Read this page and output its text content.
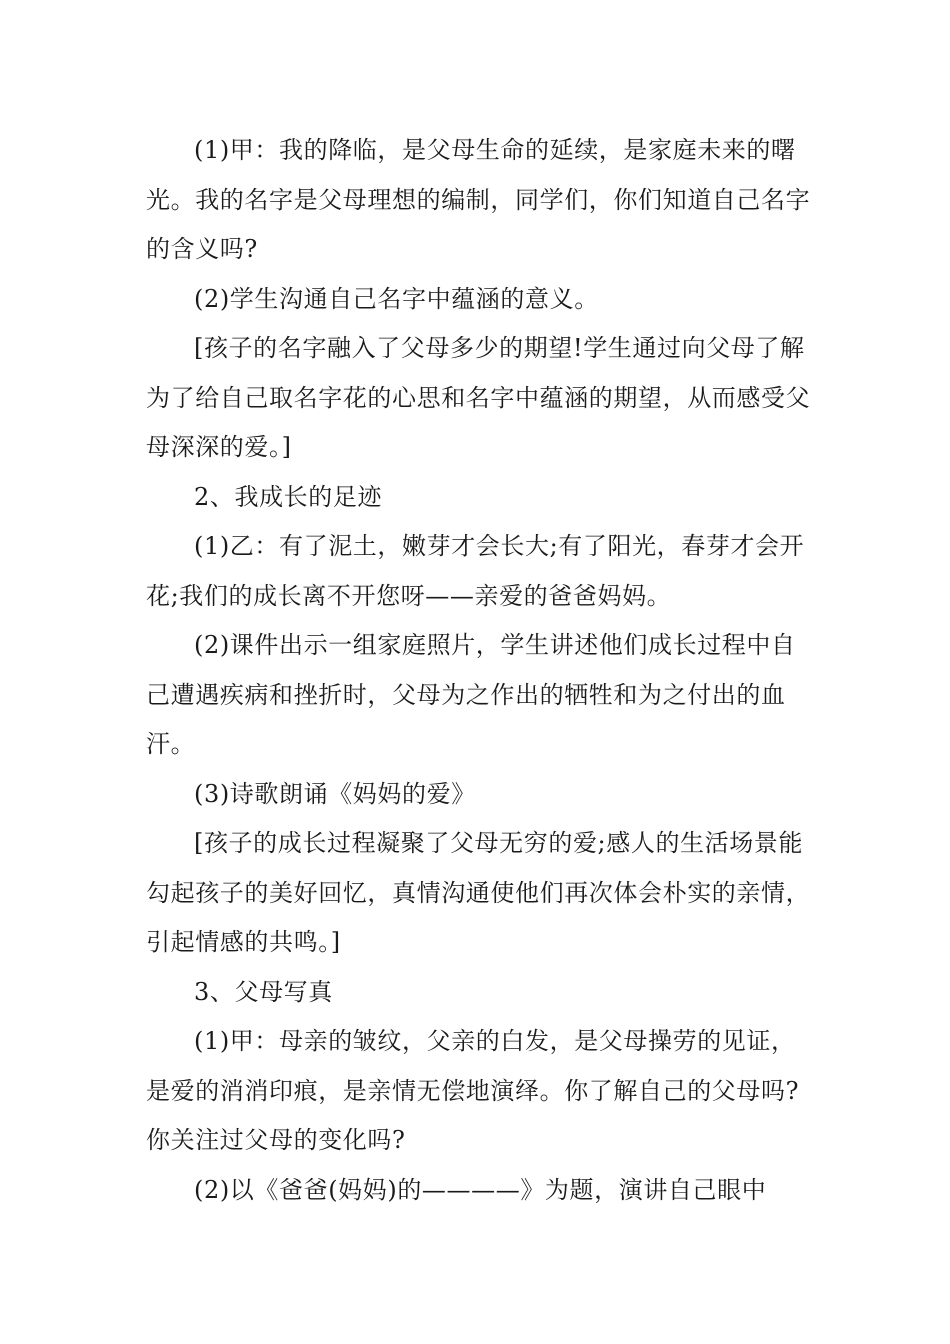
(1)甲：我的降临，是父母生命的延续，是家庭未来的曙光。我的名字是父母理想的编制，同学们，你们知道自己名字的含义吗?

(2)学生沟通自己名字中蕴涵的意义。

[孩子的名字融入了父母多少的期望!学生通过向父母了解为了给自己取名字花的心思和名字中蕴涵的期望，从而感受父母深深的爱。]

2、我成长的足迹

(1)乙：有了泥土，嫩芽才会长大;有了阳光，春芽才会开花;我们的成长离不开您呀——亲爱的爸爸妈妈。

(2)课件出示一组家庭照片，学生讲述他们成长过程中自己遭遇疾病和挫折时，父母为之作出的牺牲和为之付出的血汗。

(3)诗歌朗诵《妈妈的爱》

[孩子的成长过程凝聚了父母无穷的爱;感人的生活场景能勾起孩子的美好回忆，真情沟通使他们再次体会朴实的亲情，引起情感的共鸣。]

3、父母写真

(1)甲：母亲的皱纹，父亲的白发，是父母操劳的见证，是爱的消消印痕，是亲情无偿地演绎。你了解自己的父母吗?你关注过父母的变化吗?

(2)以《爸爸(妈妈)的————》为题，演讲自己眼中
